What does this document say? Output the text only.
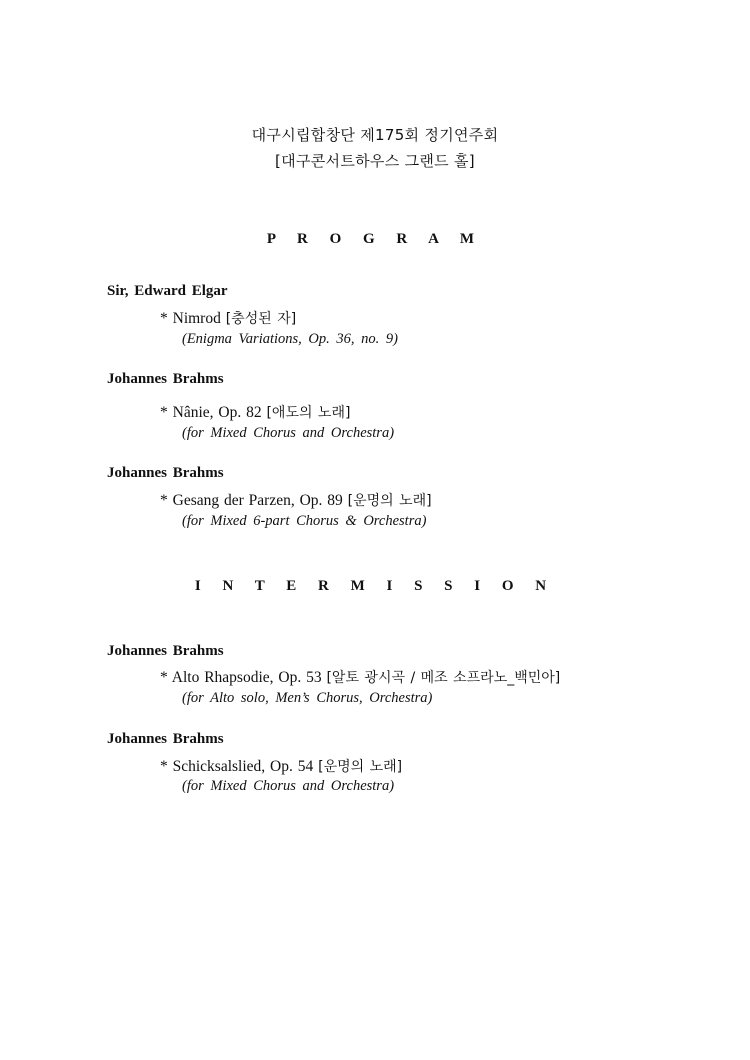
대구시립합창단 제175회 정기연주회
[대구콘서트하우스 그랜드 홀]
P R O G R A M
Sir, Edward Elgar
* Nimrod [충성된 자]
(Enigma Variations, Op. 36, no. 9)
Johannes Brahms
* Nânie, Op. 82 [애도의 노래]
(for Mixed Chorus and Orchestra)
Johannes Brahms
* Gesang der Parzen, Op. 89 [운명의 노래]
(for Mixed 6-part Chorus & Orchestra)
I N T E R M I S S I O N
Johannes Brahms
* Alto Rhapsodie, Op. 53 [알토 광시곡 / 메조 소프라노_백민아]
(for Alto solo, Men’s Chorus, Orchestra)
Johannes Brahms
* Schicksalslied, Op. 54 [운명의 노래]
(for Mixed Chorus and Orchestra)
